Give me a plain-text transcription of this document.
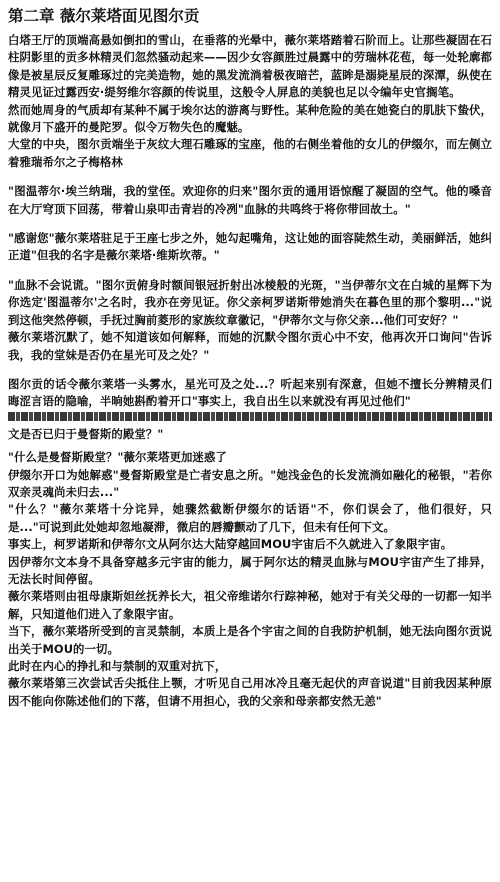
第二章 薇尔莱塔面见图尔贡

白塔王厅的顶端高悬如倒扣的雪山，在垂落的光晕中，薇尔莱塔踏着石阶而上。让那些凝固在石柱阴影里的贡多林精灵们忽然骚动起来——因少女容颜胜过晨露中的劳瑞林花苞，每一处轮廓都像是被星辰反复雕琢过的完美造物，她的黑发流淌着极夜暗芒，蓝眸是溺毙星辰的深潭，纵使在精灵见证过露西安·缇努维尔容颜的传说里，这般令人屏息的美貌也足以令编年史官搁笔。

然而她周身的气质却有某种不属于埃尔达的游离与野性。某种危险的美在她瓷白的肌肤下蛰伏，就像月下盛开的曼陀罗。似令万物失色的魔魅。

大堂的中央，图尔贡端坐于灰纹大理石雕琢的宝座，他的右侧坐着他的女儿的伊缀尔，而左侧立着雅瑞希尔之子梅格林

"图温蒂尔·埃兰纳瑞，我的堂侄。欢迎你的归来"图尔贡的通用语惊醒了凝固的空气。他的嗓音在大厅穹顶下回荡，带着山泉叩击青岩的冷冽"血脉的共鸣终于将你带回故土。"

"感谢您"薇尔莱塔驻足于王座七步之外，她勾起嘴角，这让她的面容陡然生动，美丽鲜活，她纠正道"但我的名字是薇尔莱塔·维斯坎蒂。"

"血脉不会说谎。"图尔贡俯身时额间银冠折射出冰棱般的光斑，"当伊蒂尔文在白城的星辉下为你选定'图温蒂尔'之名时，我亦在旁见证。你父亲柯罗诺斯带她消失在暮色里的那个黎明..."说到这他突然停顿，手抚过胸前菱形的家族纹章徽记，"伊蒂尔文与你父亲...他们可安好？"

薇尔莱塔沉默了，她不知道该如何解释，而她的沉默令图尔贡心中不安，他再次开口询问"告诉我，我的堂妹是否仍在星光可及之处？"

图尔贡的话令薇尔莱塔一头雾水，星光可及之处...？听起来别有深意，但她不擅长分辨精灵们晦涩言语的隐喻，半晌她斟酌着开口"事实上，我自出生以来就没有再见过他们"

文是否已归于曼督斯的殿堂？"

"什么是曼督斯殿堂？"薇尔莱塔更加迷惑了

伊缀尔开口为她解惑"曼督斯殿堂是亡者安息之所。"她浅金色的长发流淌如融化的秘银，"若你双亲灵魂尚未归去..."

"什么？"薇尔莱塔十分诧异，她骤然截断伊缀尔的话语"不，你们误会了，他们很好，只是..."可说到此处她却忽地凝滞，微启的唇瓣颤动了几下，但未有任何下文。

事实上，柯罗诺斯和伊蒂尔文从阿尔达大陆穿越回MOU宇宙后不久就进入了象限宇宙。

因伊蒂尔文本身不具备穿越多元宇宙的能力，属于阿尔达的精灵血脉与MOU宇宙产生了排异，无法长时间停留。

薇尔莱塔则由祖母康斯妲丝抚养长大，祖父帝维诺尔行踪神秘，她对于有关父母的一切都一知半解，只知道他们进入了象限宇宙。

当下，薇尔莱塔所受到的言灵禁制，本质上是各个宇宙之间的自我防护机制，她无法向图尔贡说出关于MOU的一切。

此时在内心的挣扎和与禁制的双重对抗下，

薇尔莱塔第三次尝试舌尖抵住上颚，才听见自己用冰冷且毫无起伏的声音说道"目前我因某种原因不能向你陈述他们的下落，但请不用担心，我的父亲和母亲都安然无恙"
